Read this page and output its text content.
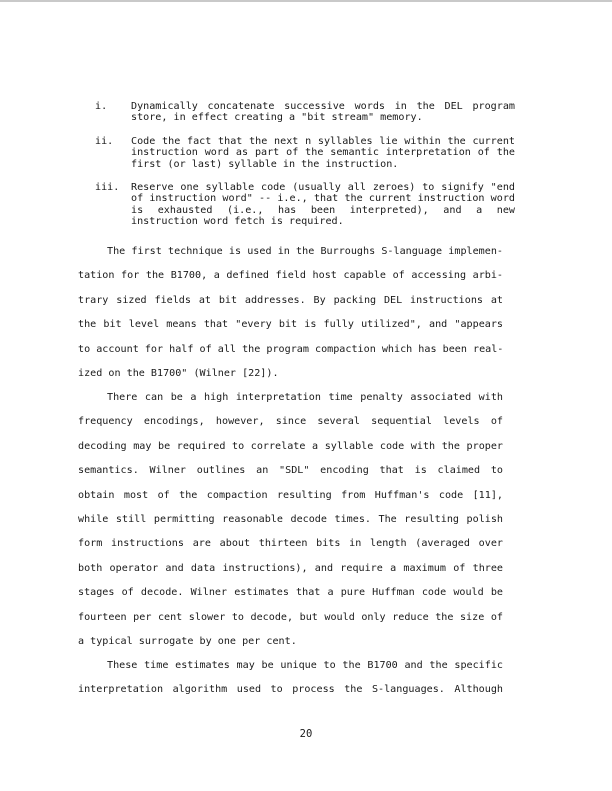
i. Dynamically concatenate successive words in the DEL program store, in effect creating a "bit stream" memory.
ii. Code the fact that the next n syllables lie within the current instruction word as part of the semantic interpretation of the first (or last) syllable in the instruction.
iii. Reserve one syllable code (usually all zeroes) to signify "end of instruction word" -- i.e., that the current instruction word is exhausted (i.e., has been interpreted), and a new instruction word fetch is required.
The first technique is used in the Burroughs S-language implemen-
tation for the B1700, a defined field host capable of accessing arbi-
trary sized fields at bit addresses. By packing DEL instructions at
the bit level means that "every bit is fully utilized", and "appears
to account for half of all the program compaction which has been real-
ized on the B1700" (Wilner [22]).
There can be a high interpretation time penalty associated with
frequency encodings, however, since several sequential levels of
decoding may be required to correlate a syllable code with the proper
semantics. Wilner outlines an "SDL" encoding that is claimed to
obtain most of the compaction resulting from Huffman's code [11],
while still permitting reasonable decode times. The resulting polish
form instructions are about thirteen bits in length (averaged over
both operator and data instructions), and require a maximum of three
stages of decode. Wilner estimates that a pure Huffman code would be
fourteen per cent slower to decode, but would only reduce the size of
a typical surrogate by one per cent.
These time estimates may be unique to the B1700 and the specific
interpretation algorithm used to process the S-languages. Although
20
